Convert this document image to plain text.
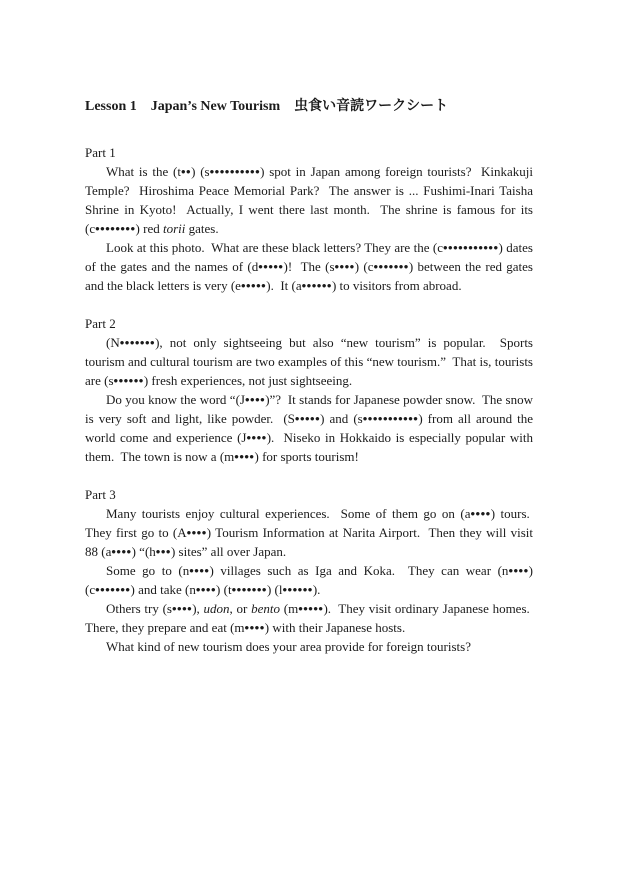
Lesson 1　Japan’s New Tourism　虫食い音読ワークシート
Part 1

What is the (t••) (s••••••••••) spot in Japan among foreign tourists?  Kinkakuji Temple?  Hiroshima Peace Memorial Park?  The answer is ... Fushimi-Inari Taisha Shrine in Kyoto!  Actually, I went there last month.  The shrine is famous for its (c••••••••) red torii gates.

Look at this photo.  What are these black letters? They are the (c•••••••••••) dates of the gates and the names of (d•••••)!  The (s••••) (c•••••••) between the red gates and the black letters is very (e•••••).  It (a••••••) to visitors from abroad.

Part 2

(N•••••••), not only sightseeing but also “new tourism” is popular.  Sports tourism and cultural tourism are two examples of this “new tourism.”  That is, tourists are (s••••••) fresh experiences, not just sightseeing.

Do you know the word “(J••••)”?  It stands for Japanese powder snow.  The snow is very soft and light, like powder.  (S•••••) and (s•••••••••••) from all around the world come and experience (J••••).  Niseko in Hokkaido is especially popular with them.  The town is now a (m••••) for sports tourism!

Part 3

Many tourists enjoy cultural experiences.  Some of them go on (a••••) tours.  They first go to (A••••) Tourism Information at Narita Airport.  Then they will visit 88 (a••••) “(h•••) sites” all over Japan.

Some go to (n••••) villages such as Iga and Koka.  They can wear (n••••) (c•••••••) and take (n••••) (t•••••••) (l••••••).

Others try (s••••), udon, or bento (m•••••).  They visit ordinary Japanese homes.  There, they prepare and eat (m••••) with their Japanese hosts.

What kind of new tourism does your area provide for foreign tourists?
